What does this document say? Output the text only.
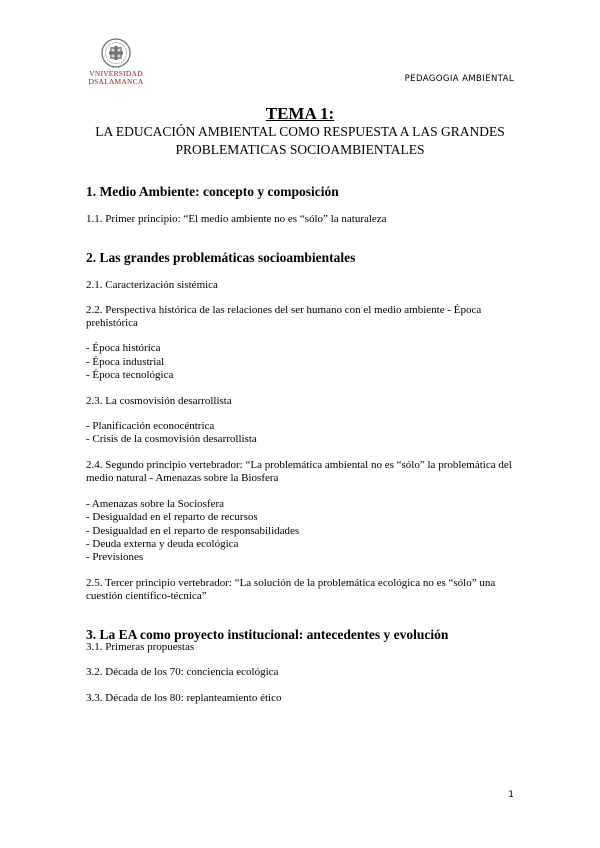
VNIVERSIDAD
DSALAMANCA	PEDAGOGIA AMBIENTAL
TEMA 1:
LA EDUCACIÓN AMBIENTAL COMO RESPUESTA A LAS GRANDES PROBLEMATICAS SOCIOAMBIENTALES
1. Medio Ambiente: concepto y composición

1.1. Primer principio: “El medio ambiente no es “sólo” la naturaleza

2. Las grandes problemáticas socioambientales

2.1. Caracterización sistémica

2.2. Perspectiva histórica de las relaciones del ser humano con el medio ambiente - Época prehistórica

- Época histórica

- Época industrial

- Época tecnológica

2.3. La cosmovisión desarrollista

- Planificación econocéntrica

- Crisis de la cosmovisión desarrollista

2.4. Segundo principio vertebrador: “La problemática ambiental no es “sólo” la problemática del medio natural - Amenazas sobre la Biosfera

- Amenazas sobre la Sociosfera

- Desigualdad en el reparto de recursos

- Desigualdad en el reparto de responsabilidades

- Deuda externa y deuda ecológica

- Previsiones

2.5. Tercer principio vertebrador: “La solución de la problemática ecológica no es “sólo” una cuestión científico-técnica”

3. La EA como proyecto institucional: antecedentes y evolución

3.1. Primeras propuestas

3.2. Década de los 70: conciencia ecológica

3.3. Década de los 80: replanteamiento ético

1
